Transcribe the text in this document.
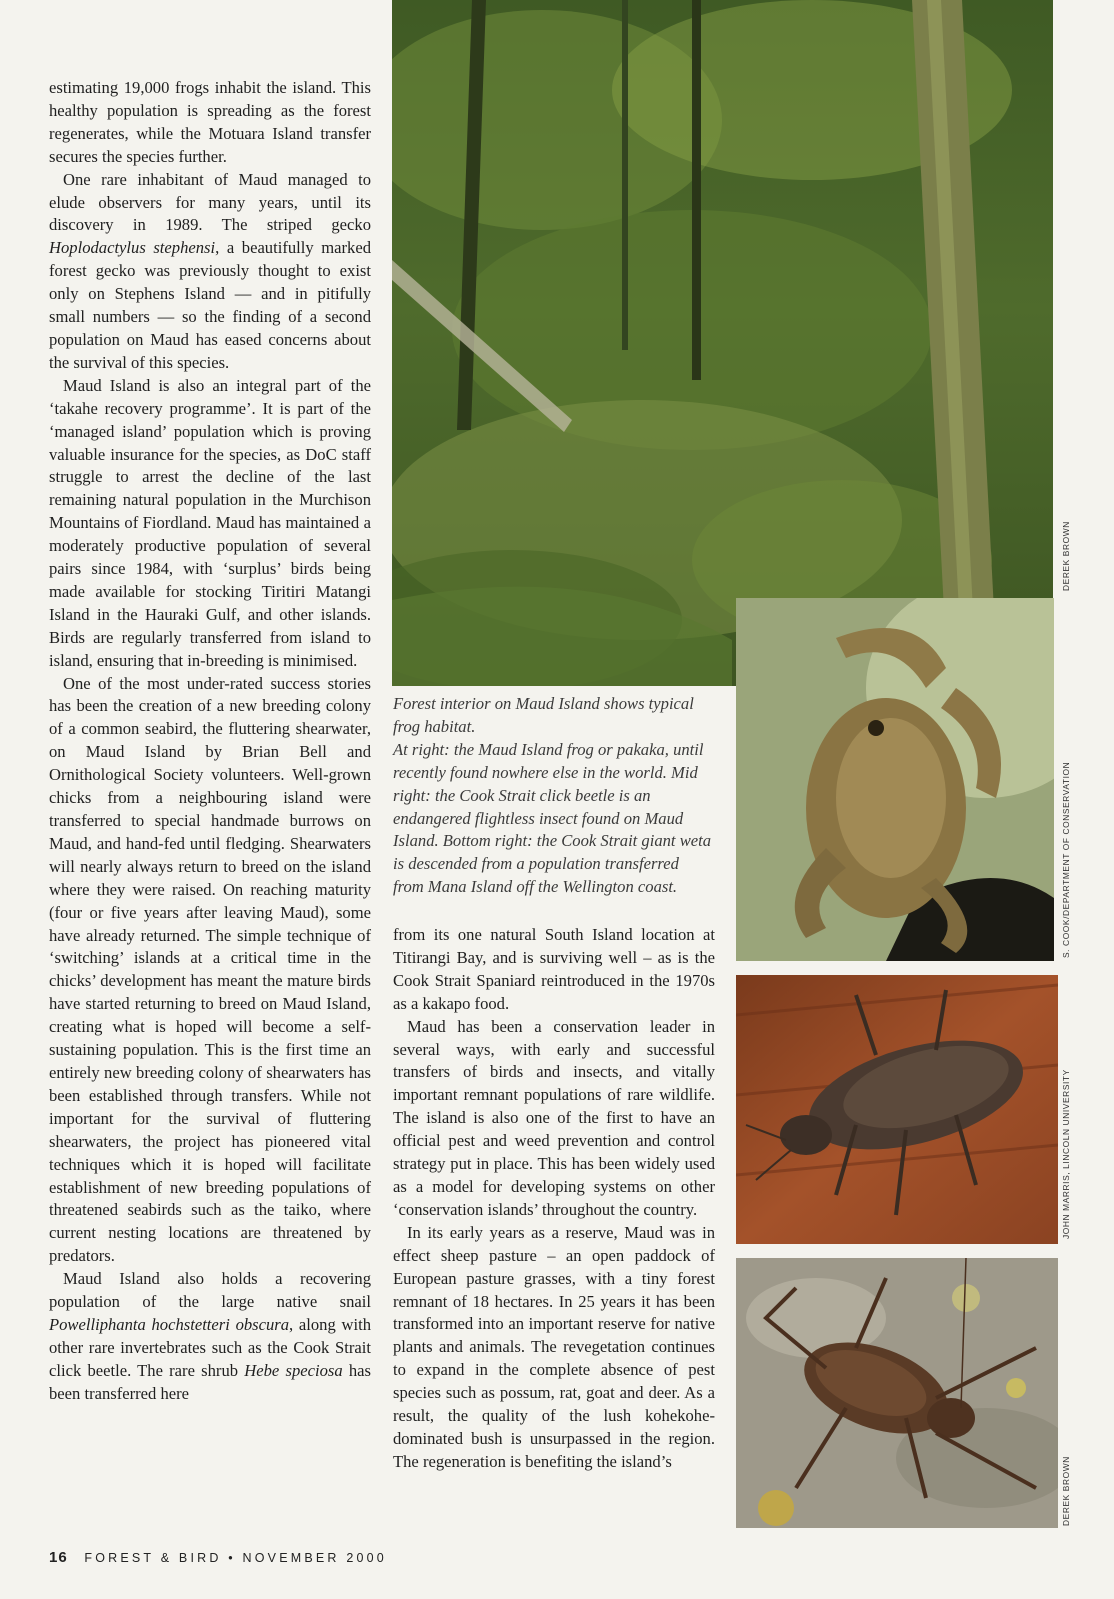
estimating 19,000 frogs inhabit the island. This healthy population is spreading as the forest regenerates, while the Motuara Island transfer secures the species further.

One rare inhabitant of Maud managed to elude observers for many years, until its discovery in 1989. The striped gecko Hoplodactylus stephensi, a beautifully marked forest gecko was previously thought to exist only on Stephens Island — and in pitifully small numbers — so the finding of a second population on Maud has eased concerns about the survival of this species.

Maud Island is also an integral part of the ‘takahe recovery programme’. It is part of the ‘managed island’ population which is proving valuable insurance for the species, as DoC staff struggle to arrest the decline of the last remaining natural population in the Murchison Mountains of Fiordland. Maud has maintained a moderately productive population of several pairs since 1984, with ‘surplus’ birds being made available for stocking Tiritiri Matangi Island in the Hauraki Gulf, and other islands. Birds are regularly transferred from island to island, ensuring that in-breeding is minimised.

One of the most under-rated success stories has been the creation of a new breeding colony of a common seabird, the fluttering shearwater, on Maud Island by Brian Bell and Ornithological Society volunteers. Well-grown chicks from a neighbouring island were transferred to special handmade burrows on Maud, and hand-fed until fledging. Shearwaters will nearly always return to breed on the island where they were raised. On reaching maturity (four or five years after leaving Maud), some have already returned. The simple technique of ‘switching’ islands at a critical time in the chicks’ development has meant the mature birds have started returning to breed on Maud Island, creating what is hoped will become a self-sustaining population. This is the first time an entirely new breeding colony of shearwaters has been established through transfers. While not important for the survival of fluttering shearwaters, the project has pioneered vital techniques which it is hoped will facilitate establishment of new breeding populations of threatened seabirds such as the taiko, where current nesting locations are threatened by predators.

Maud Island also holds a recovering population of the large native snail Powelliphanta hochstetteri obscura, along with other rare invertebrates such as the Cook Strait click beetle. The rare shrub Hebe speciosa has been transferred here

DEREK BROWN

Forest interior on Maud Island shows typical frog habitat.

At right: the Maud Island frog or pakaka, until recently found nowhere else in the world. Mid right: the Cook Strait click beetle is an endangered flightless insect found on Maud Island. Bottom right: the Cook Strait giant weta is descended from a population transferred from Mana Island off the Wellington coast.	S. COOK/DEPARTMENT OF CONSERVATION

from its one natural South Island location at Titirangi Bay, and is surviving well – as is the Cook Strait Spaniard reintroduced in the 1970s as a kakapo food.

Maud has been a conservation leader in several ways, with early and successful transfers of birds and insects, and vitally important remnant populations of rare wildlife. The island is also one of the first to have an official pest and weed prevention and control strategy put in place. This has been widely used as a model for developing systems on other ‘conservation islands’ throughout the country.

In its early years as a reserve, Maud was in effect sheep pasture – an open paddock of European pasture grasses, with a tiny forest remnant of 18 hectares. In 25 years it has been transformed into an important reserve for native plants and animals. The revegetation continues to expand in the complete absence of pest species such as possum, rat, goat and deer. As a result, the quality of the lush kohekohe-dominated bush is unsurpassed in the region. The regeneration is benefiting the island’s

JOHN MARRIS, LINCOLN UNIVERSITY
DEREK BROWN
16 FOREST & BIRD • NOVEMBER 2000
